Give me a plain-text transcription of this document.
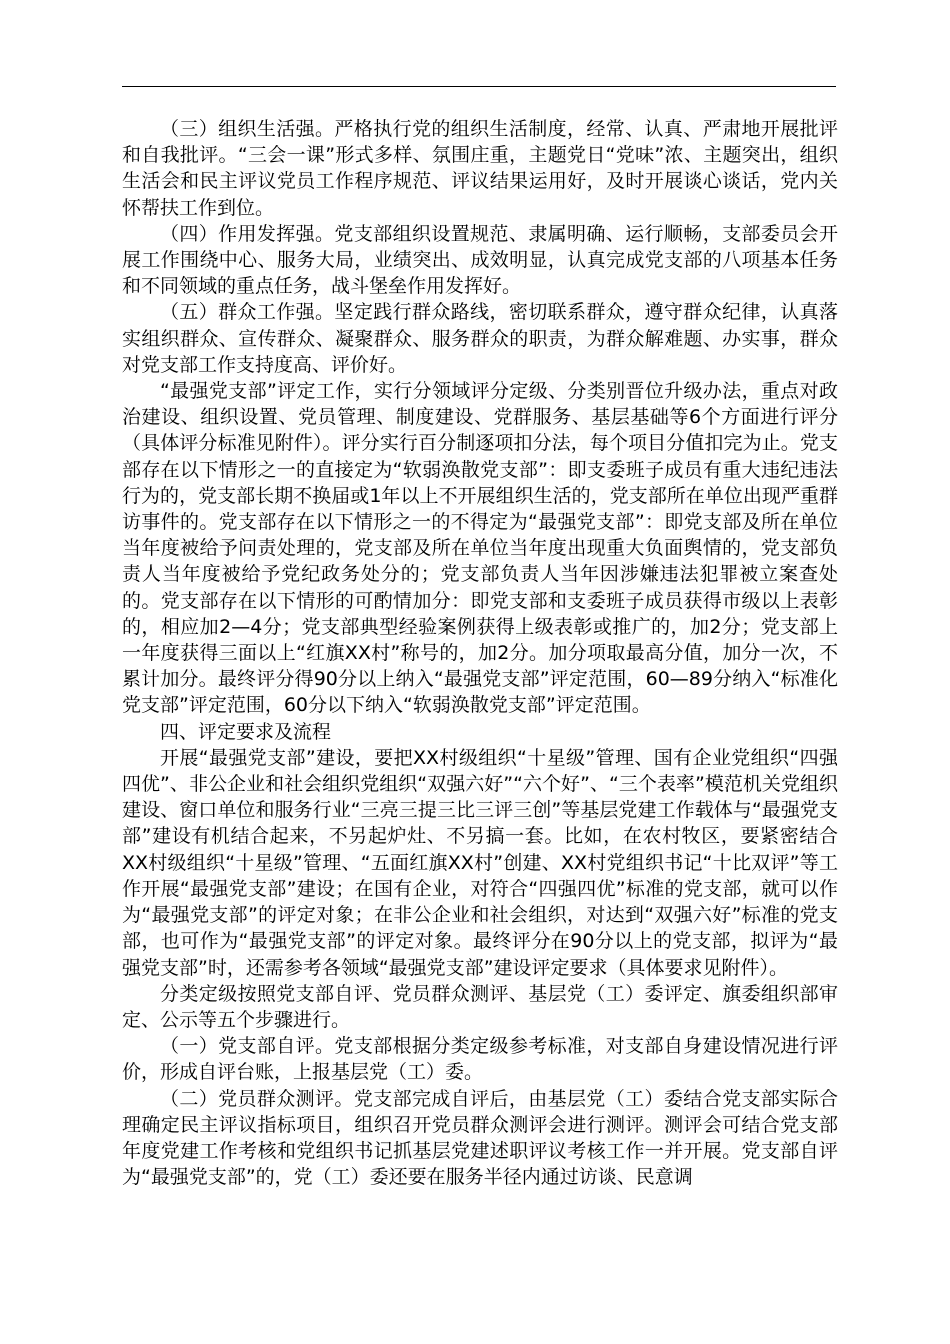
（三）组织生活强。严格执行党的组织生活制度，经常、认真、严肃地开展批评和自我批评。“三会一课”形式多样、氛围庄重，主题党日“党味”浓、主题突出，组织生活会和民主评议党员工作程序规范、评议结果运用好，及时开展谈心谈话，党内关怀帮扶工作到位。

（四）作用发挥强。党支部组织设置规范、隶属明确、运行顺畅，支部委员会开展工作围绕中心、服务大局，业绩突出、成效明显，认真完成党支部的八项基本任务和不同领域的重点任务，战斗堡垒作用发挥好。

（五）群众工作强。坚定践行群众路线，密切联系群众，遵守群众纪律，认真落实组织群众、宣传群众、凝聚群众、服务群众的职责，为群众解难题、办实事，群众对党支部工作支持度高、评价好。

“最强党支部”评定工作，实行分领域评分定级、分类别晋位升级办法，重点对政治建设、组织设置、党员管理、制度建设、党群服务、基层基础等6个方面进行评分（具体评分标准见附件）。评分实行百分制逐项扣分法，每个项目分值扣完为止。党支部存在以下情形之一的直接定为“软弱涣散党支部”：即支委班子成员有重大违纪违法行为的，党支部长期不换届或1年以上不开展组织生活的，党支部所在单位出现严重群访事件的。党支部存在以下情形之一的不得定为“最强党支部”：即党支部及所在单位当年度被给予问责处理的，党支部及所在单位当年度出现重大负面舆情的，党支部负责人当年度被给予党纪政务处分的；党支部负责人当年因涉嫌违法犯罪被立案查处的。党支部存在以下情形的可酌情加分：即党支部和支委班子成员获得市级以上表彰的，相应加2—4分；党支部典型经验案例获得上级表彰或推广的，加2分；党支部上一年度获得三面以上“红旗XX村”称号的，加2分。加分项取最高分值，加分一次，不累计加分。最终评分得90分以上纳入“最强党支部”评定范围，60—89分纳入“标准化党支部”评定范围，60分以下纳入“软弱涣散党支部”评定范围。

四、评定要求及流程

开展“最强党支部”建设，要把XX村级组织“十星级”管理、国有企业党组织“四强四优”、非公企业和社会组织党组织“双强六好”“六个好”、“三个表率”模范机关党组织建设、窗口单位和服务行业“三亮三提三比三评三创”等基层党建工作载体与“最强党支部”建设有机结合起来，不另起炉灶、不另搞一套。比如，在农村牧区，要紧密结合XX村级组织“十星级”管理、“五面红旗XX村”创建、XX村党组织书记“十比双评”等工作开展“最强党支部”建设；在国有企业，对符合“四强四优”标准的党支部，就可以作为“最强党支部”的评定对象；在非公企业和社会组织，对达到“双强六好”标准的党支部，也可作为“最强党支部”的评定对象。最终评分在90分以上的党支部，拟评为“最强党支部”时，还需参考各领域“最强党支部”建设评定要求（具体要求见附件）。

分类定级按照党支部自评、党员群众测评、基层党（工）委评定、旗委组织部审定、公示等五个步骤进行。

（一）党支部自评。党支部根据分类定级参考标准，对支部自身建设情况进行评价，形成自评台账，上报基层党（工）委。

（二）党员群众测评。党支部完成自评后，由基层党（工）委结合党支部实际合理确定民主评议指标项目，组织召开党员群众测评会进行测评。测评会可结合党支部年度党建工作考核和党组织书记抓基层党建述职评议考核工作一并开展。党支部自评为“最强党支部”的，党（工）委还要在服务半径内通过访谈、民意调
